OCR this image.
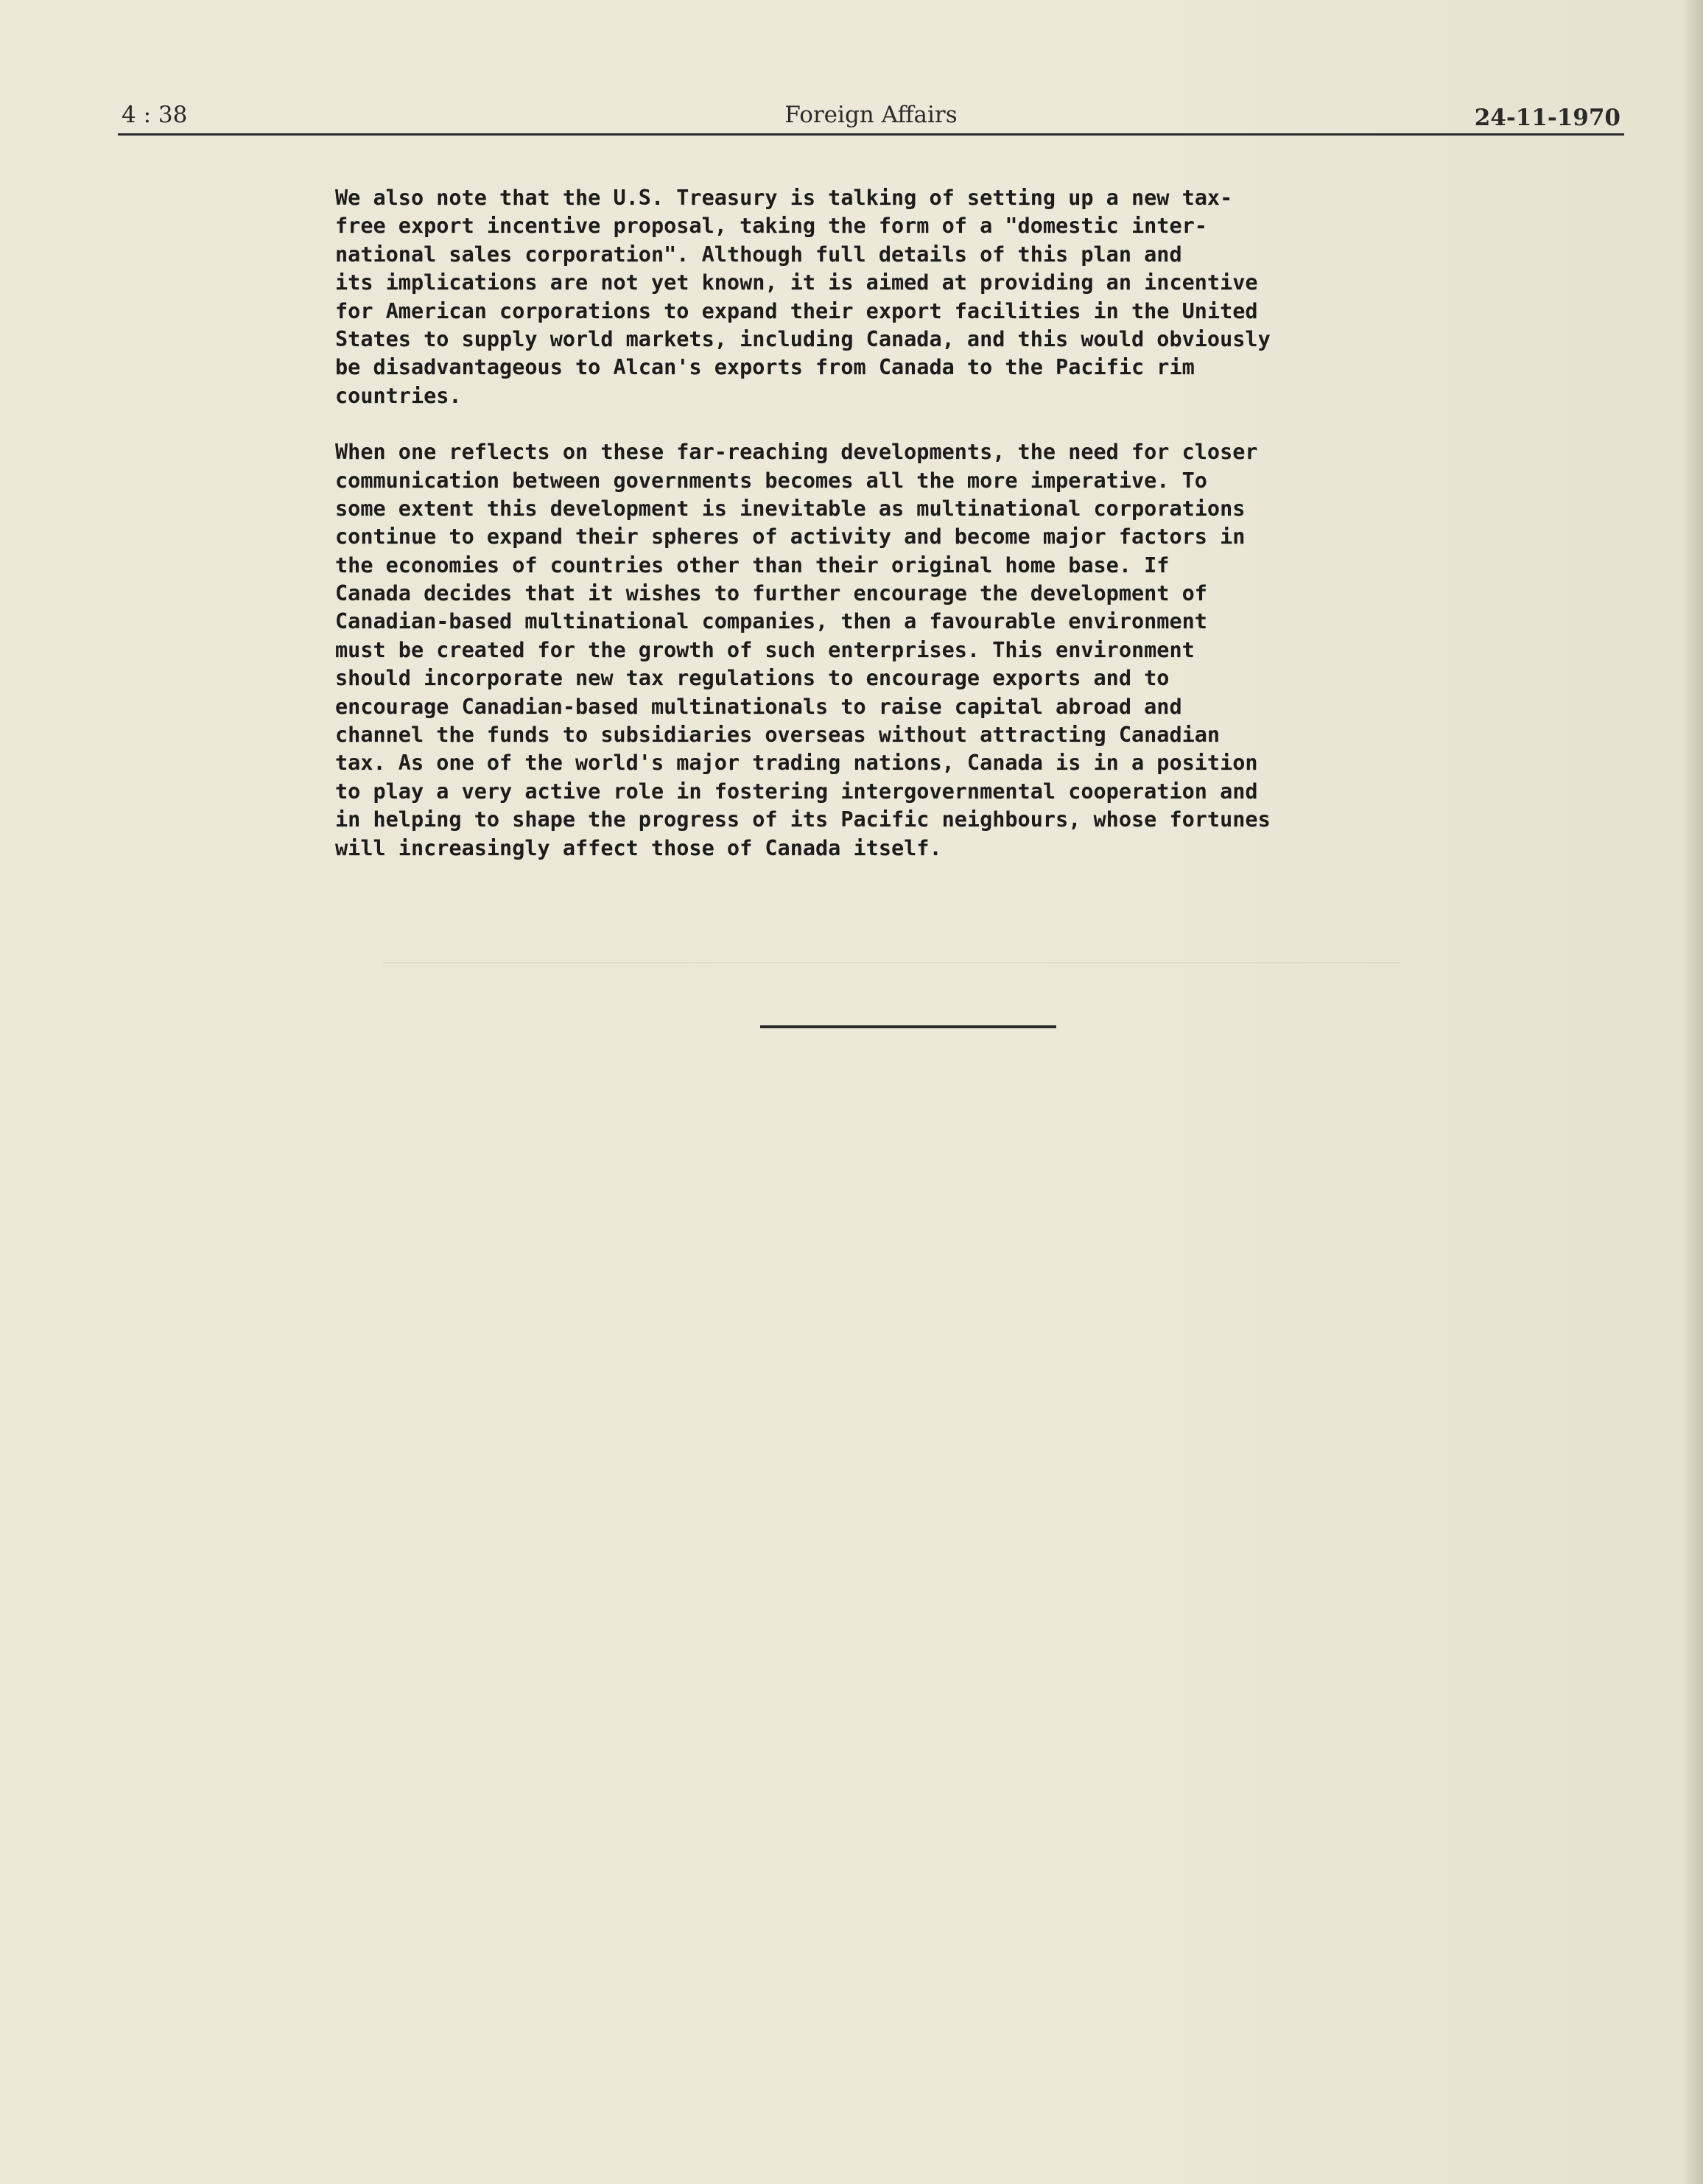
4 : 38	Foreign Affairs	24-11-1970
We also note that the U.S. Treasury is talking of setting up a new tax-
free export incentive proposal, taking the form of a "domestic inter-
national sales corporation". Although full details of this plan and
its implications are not yet known, it is aimed at providing an incentive
for American corporations to expand their export facilities in the United
States to supply world markets, including Canada, and this would obviously
be disadvantageous to Alcan's exports from Canada to the Pacific rim
countries.
When one reflects on these far-reaching developments, the need for closer
communication between governments becomes all the more imperative. To
some extent this development is inevitable as multinational corporations
continue to expand their spheres of activity and become major factors in
the economies of countries other than their original home base. If
Canada decides that it wishes to further encourage the development of
Canadian-based multinational companies, then a favourable environment
must be created for the growth of such enterprises. This environment
should incorporate new tax regulations to encourage exports and to
encourage Canadian-based multinationals to raise capital abroad and
channel the funds to subsidiaries overseas without attracting Canadian
tax. As one of the world's major trading nations, Canada is in a position
to play a very active role in fostering intergovernmental cooperation and
in helping to shape the progress of its Pacific neighbours, whose fortunes
will increasingly affect those of Canada itself.
